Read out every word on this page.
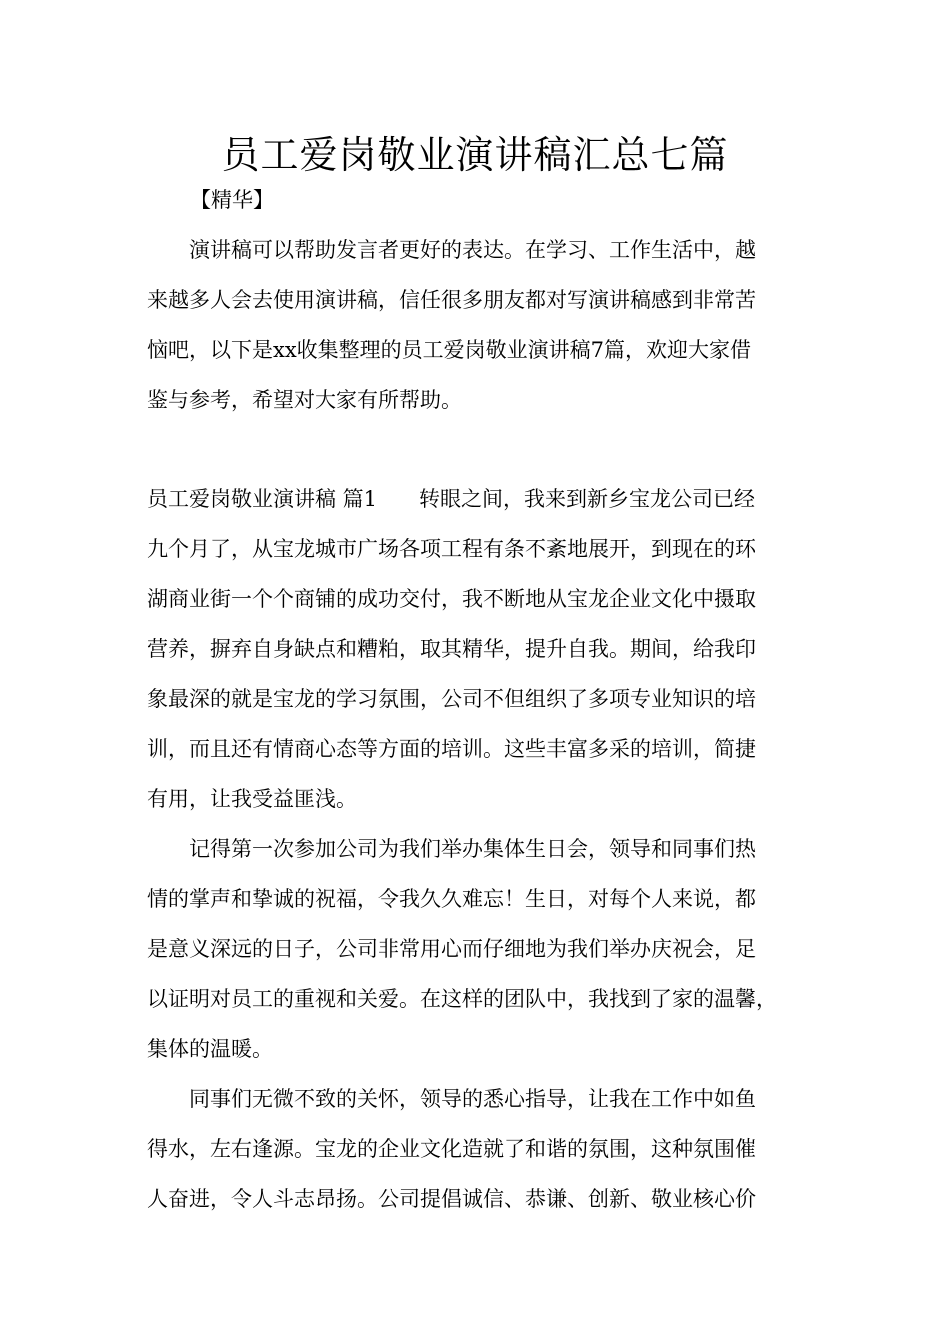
员工爱岗敬业演讲稿汇总七篇
【精华】
演讲稿可以帮助发言者更好的表达。在学习、工作生活中，越
来越多人会去使用演讲稿，信任很多朋友都对写演讲稿感到非常苦
恼吧，以下是xx收集整理的员工爱岗敬业演讲稿7篇，欢迎大家借
鉴与参考，希望对大家有所帮助。
员工爱岗敬业演讲稿 篇1 转眼之间，我来到新乡宝龙公司已经
九个月了，从宝龙城市广场各项工程有条不紊地展开，到现在的环
湖商业街一个个商铺的成功交付，我不断地从宝龙企业文化中摄取
营养，摒弃自身缺点和糟粕，取其精华，提升自我。期间，给我印
象最深的就是宝龙的学习氛围，公司不但组织了多项专业知识的培
训，而且还有情商心态等方面的培训。这些丰富多采的培训，简捷
有用，让我受益匪浅。
记得第一次参加公司为我们举办集体生日会，领导和同事们热
情的掌声和挚诚的祝福，令我久久难忘！生日，对每个人来说，都
是意义深远的日子，公司非常用心而仔细地为我们举办庆祝会，足
以证明对员工的重视和关爱。在这样的团队中，我找到了家的温馨，
集体的温暖。
同事们无微不致的关怀，领导的悉心指导，让我在工作中如鱼
得水，左右逢源。宝龙的企业文化造就了和谐的氛围，这种氛围催
人奋进，令人斗志昂扬。公司提倡诚信、恭谦、创新、敬业核心价
